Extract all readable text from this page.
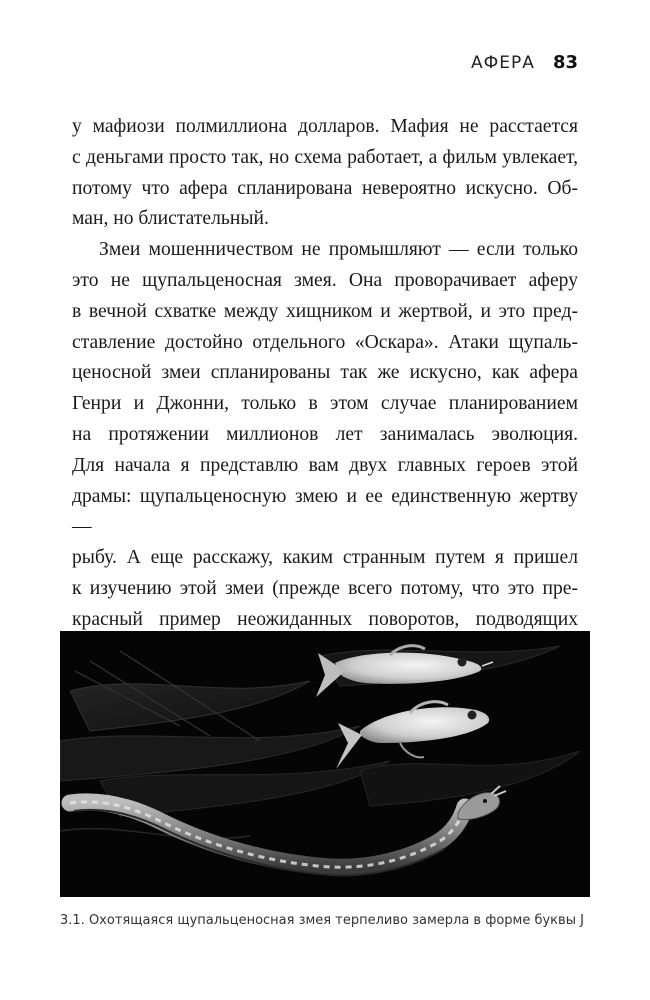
АФЕРА 83

у мафиози полмиллиона долларов. Мафия не расстается
с деньгами просто так, но схема работает, а фильм увлекает,
потому что афера спланирована невероятно искусно. Об-
ман, но блистательный.

Змеи мошенничеством не промышляют — если только
это не щупальценосная змея. Она проворачивает аферу
в вечной схватке между хищником и жертвой, и это пред-
ставление достойно отдельного «Оскара». Атаки щупаль-
ценосной змеи спланированы так же искусно, как афера
Генри и Джонни, только в этом случае планированием
на протяжении миллионов лет занималась эволюция.
Для начала я представлю вам двух главных героев этой
драмы: щупальценосную змею и ее единственную жертву —
рыбу. А еще расскажу, каким странным путем я пришел
к изучению этой змеи (прежде всего потому, что это пре-
красный пример неожиданных поворотов, подводящих

3.1. Охотящаяся щупальценосная змея терпеливо замерла в форме буквы J
